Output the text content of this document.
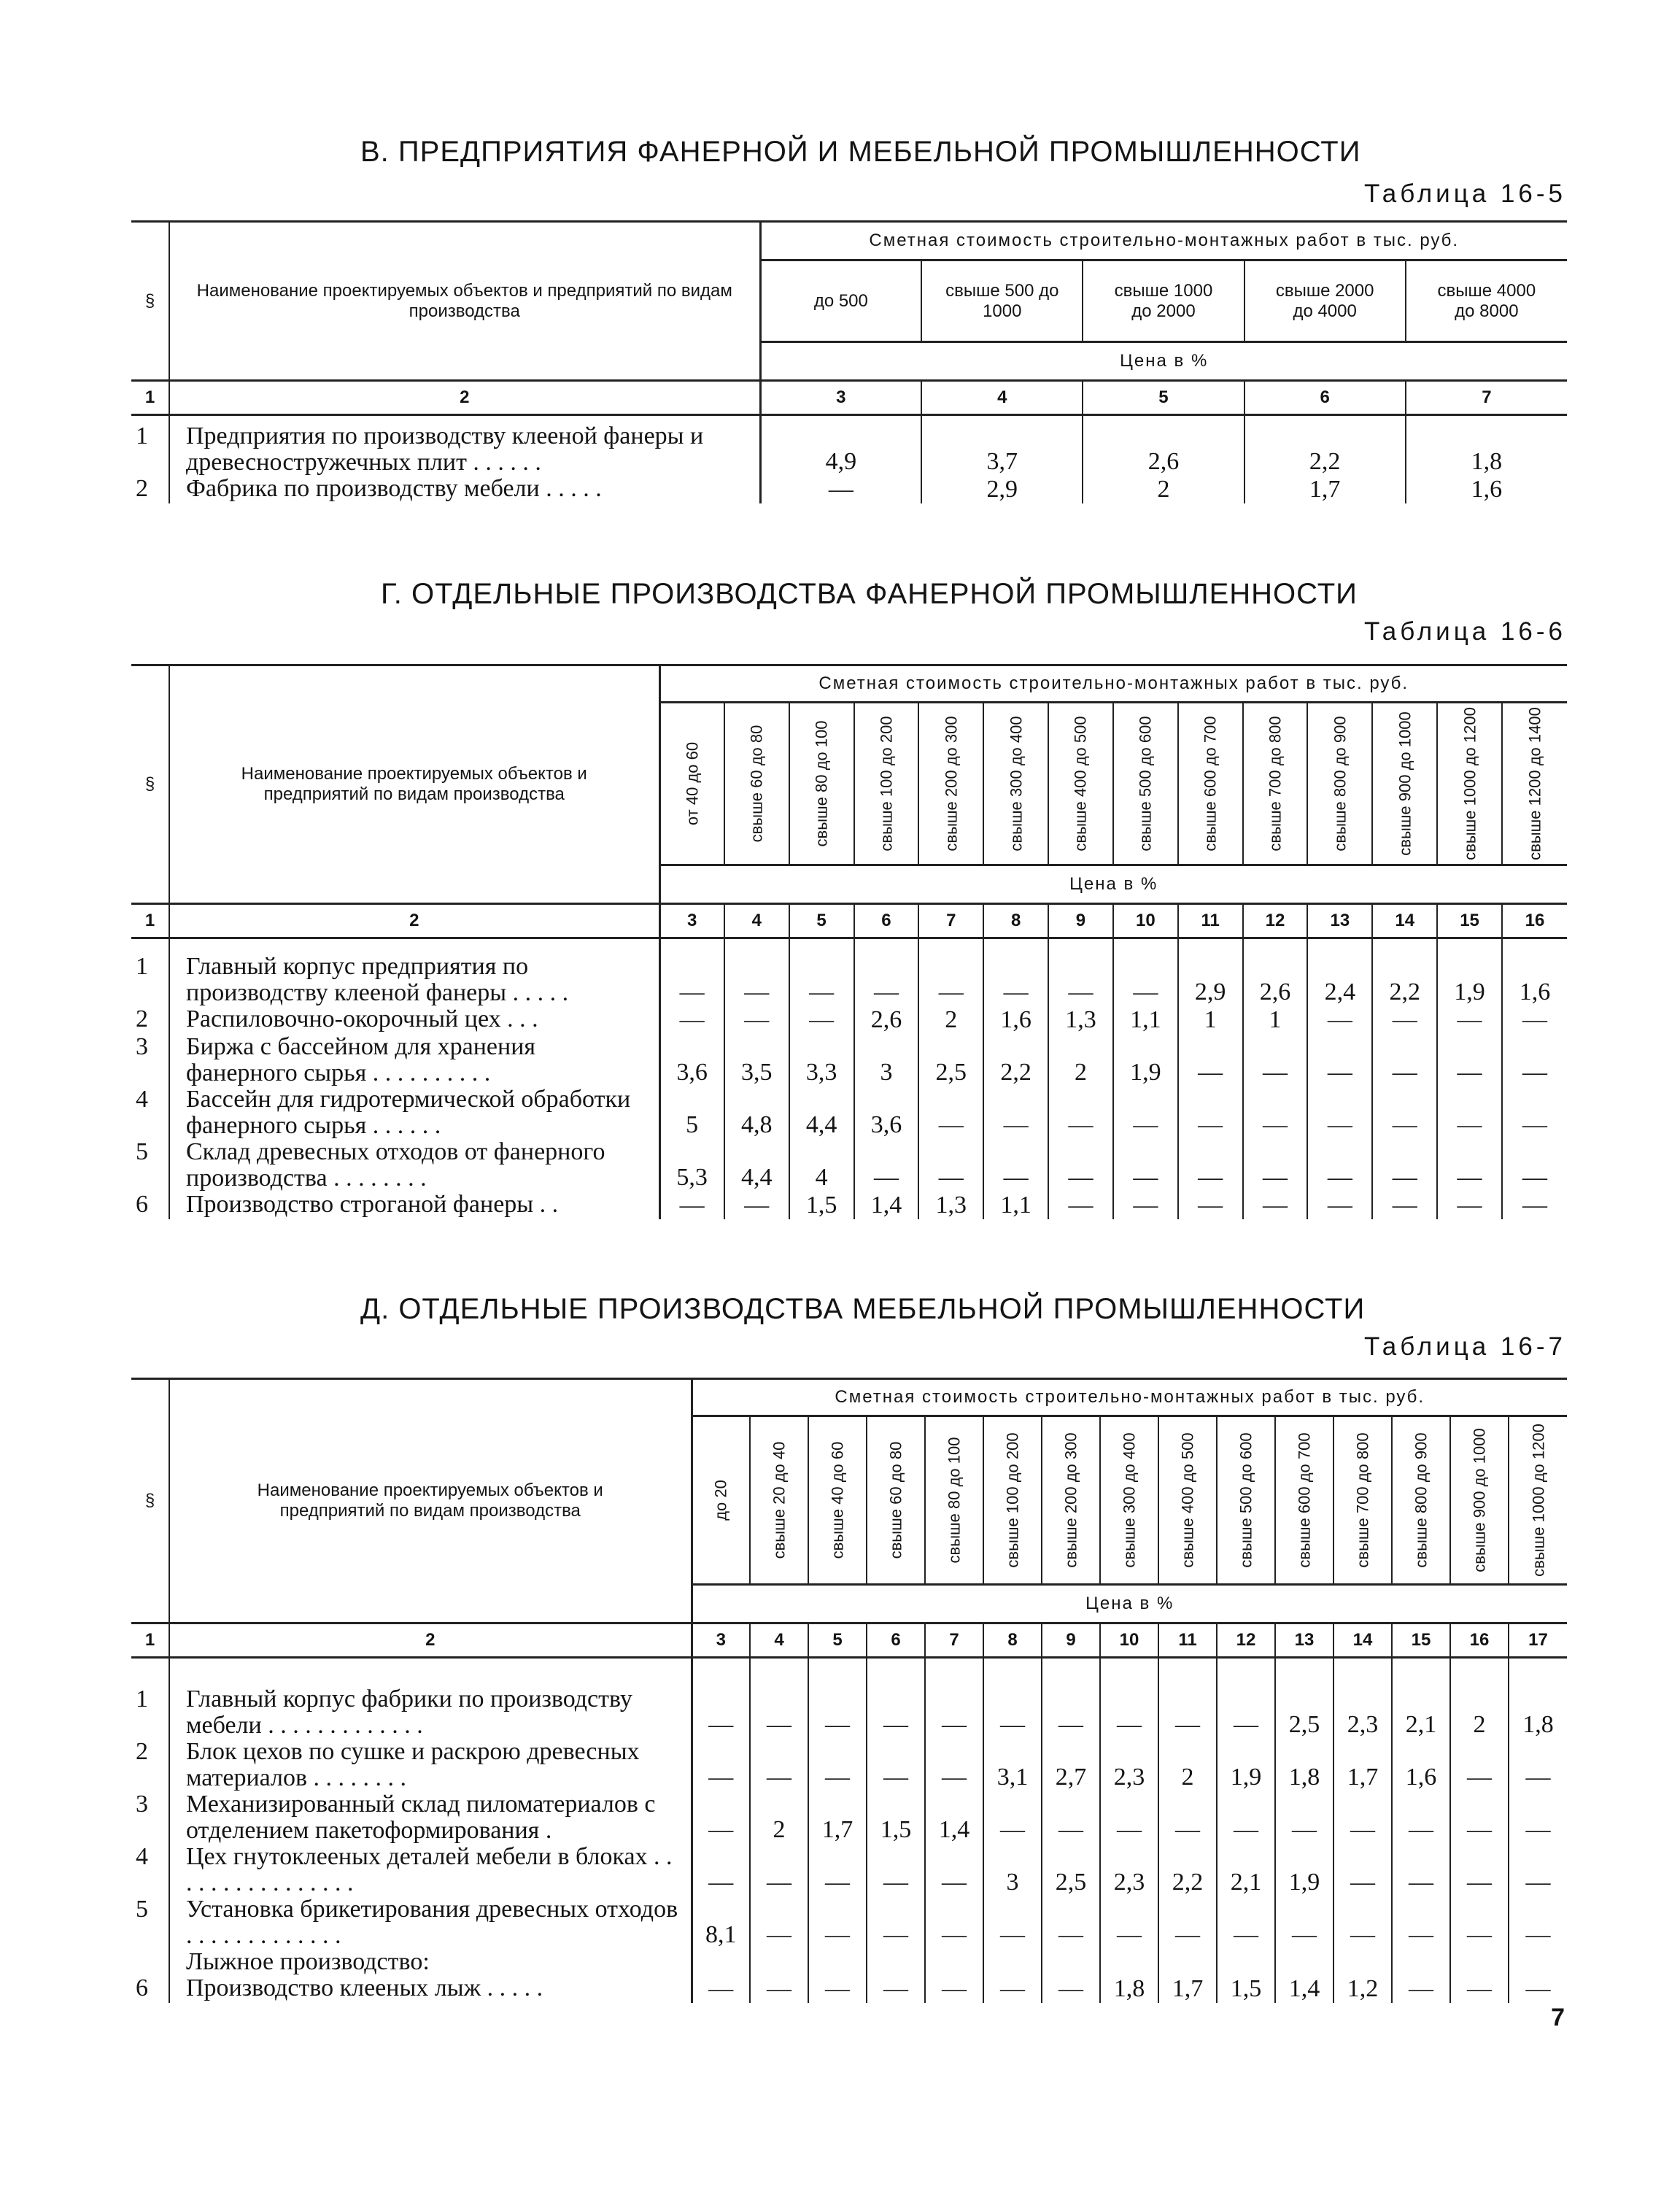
В. ПРЕДПРИЯТИЯ ФАНЕРНОЙ И МЕБЕЛЬНОЙ ПРОМЫШЛЕННОСТИ
Таблица 16-5
§	Наименование проектируемых объектов и предприятий по видам производства	Сметная стоимость строительно-монтажных работ в тыс. руб.				
		до 500	свыше 500 до 1000	свыше 1000 до 2000	свыше 2000 до 4000	свыше 4000 до 8000
		Цена в %				
1	2	3	4	5	6	7

1	Предприятия по производству клееной фанеры и древесностружечных плит . . . . . .	4,9	3,7	2,6	2,2	1,8
2	Фабрика по производству мебели . . . . .	—	2,9	2	1,7	1,6
Г. ОТДЕЛЬНЫЕ ПРОИЗВОДСТВА ФАНЕРНОЙ ПРОМЫШЛЕННОСТИ
Таблица 16-6
§	Наименование проектируемых объектов и предприятий по видам производства	Сметная стоимость строительно-монтажных работ в тыс. руб.													

		от 40 до 60	свыше 60 до 80	свыше 80 до 100	свыше 100 до 200	свыше 200 до 300	свыше 300 до 400	свыше 400 до 500	свыше 500 до 600	свыше 600 до 700	свыше 700 до 800	свыше 800 до 900	свыше 900 до 1000	свыше 1000 до 1200	свыше 1200 до 1400

		Цена в %													
1	2	3	4	5	6	7	8	9	10	11	12	13	14	15	16

1	Главный корпус предприятия по производству клееной фанеры . . . . .	—	—	—	—	—	—	—	—	2,9	2,6	2,4	2,2	1,9	1,6
2	Распиловочно-окорочный цех . . .	—	—	—	2,6	2	1,6	1,3	1,1	1	1	—	—	—	—
3	Биржа с бассейном для хранения фанерного сырья . . . . . . . . . .	3,6	3,5	3,3	3	2,5	2,2	2	1,9	—	—	—	—	—	—
4	Бассейн для гидротермической обработки фанерного сырья . . . . . .	5	4,8	4,4	3,6	—	—	—	—	—	—	—	—	—	—
5	Склад древесных отходов от фанерного производства . . . . . . . .	5,3	4,4	4	—	—	—	—	—	—	—	—	—	—	—
6	Производство строганой фанеры . .	—	—	1,5	1,4	1,3	1,1	—	—	—	—	—	—	—	—
Д. ОТДЕЛЬНЫЕ ПРОИЗВОДСТВА МЕБЕЛЬНОЙ ПРОМЫШЛЕННОСТИ
Таблица 16-7
§	Наименование проектируемых объектов и предприятий по видам производства	Сметная стоимость строительно-монтажных работ в тыс. руб.														

		до 20	свыше 20 до 40	свыше 40 до 60	свыше 60 до 80	свыше 80 до 100	свыше 100 до 200	свыше 200 до 300	свыше 300 до 400	свыше 400 до 500	свыше 500 до 600	свыше 600 до 700	свыше 700 до 800	свыше 800 до 900	свыше 900 до 1000	свыше 1000 до 1200

		Цена в %														
1	2	3	4	5	6	7	8	9	10	11	12	13	14	15	16	17

1	Главный корпус фабрики по производству мебели . . . . . . . . . . . . .	—	—	—	—	—	—	—	—	—	—	2,5	2,3	2,1	2	1,8
2	Блок цехов по сушке и раскрою древесных материалов . . . . . . . .	—	—	—	—	—	3,1	2,7	2,3	2	1,9	1,8	1,7	1,6	—	—
3	Механизированный склад пиломатериалов с отделением пакетоформирования .	—	2	1,7	1,5	1,4	—	—	—	—	—	—	—	—	—	—
4	Цех гнутоклееных деталей мебели в блоках . . . . . . . . . . . . . . . .	—	—	—	—	—	3	2,5	2,3	2,2	2,1	1,9	—	—	—	—
5	Установка брикетирования древесных отходов . . . . . . . . . . . . .	8,1	—	—	—	—	—	—	—	—	—	—	—	—	—	—
	Лыжное производство:															
6	Производство клееных лыж . . . . .	—	—	—	—	—	—	—	1,8	1,7	1,5	1,4	1,2	—	—	—
7
